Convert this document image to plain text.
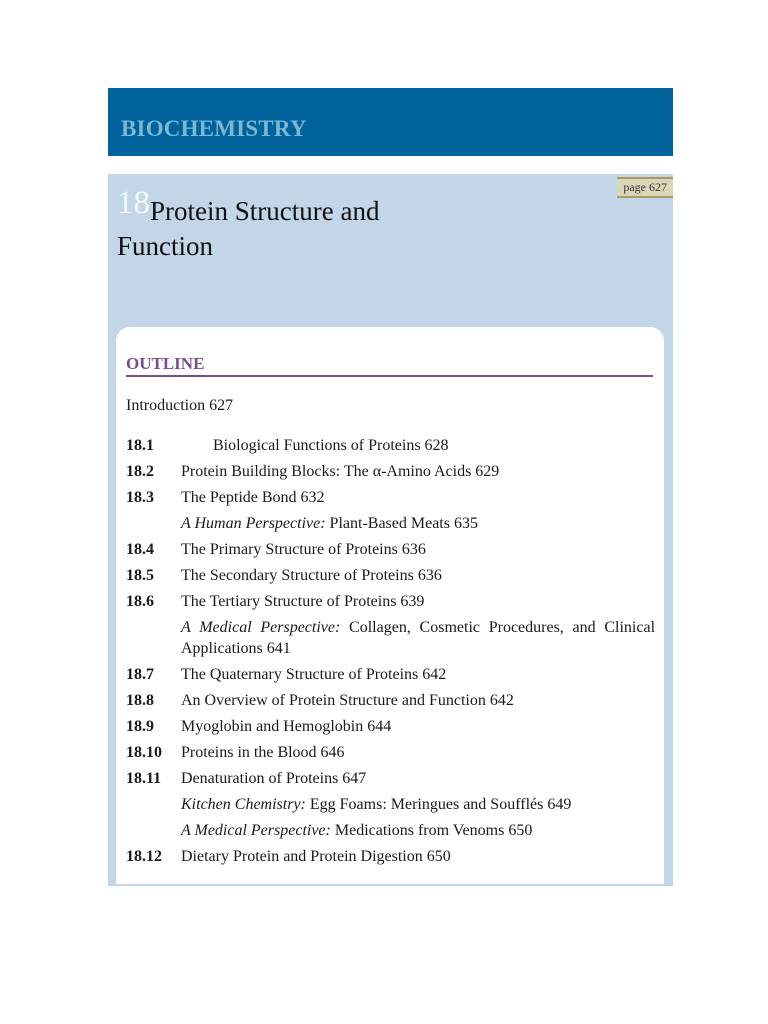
BIOCHEMISTRY
page 627
18Protein Structure and Function
OUTLINE
Introduction 627
18.1	Biological Functions of Proteins 628
18.2	Protein Building Blocks: The α-Amino Acids 629
18.3	The Peptide Bond 632
A Human Perspective: Plant-Based Meats 635
18.4	The Primary Structure of Proteins 636
18.5	The Secondary Structure of Proteins 636
18.6	The Tertiary Structure of Proteins 639
A Medical Perspective: Collagen, Cosmetic Procedures, and Clinical Applications 641
18.7	The Quaternary Structure of Proteins 642
18.8	An Overview of Protein Structure and Function 642
18.9	Myoglobin and Hemoglobin 644
18.10	Proteins in the Blood 646
18.11	Denaturation of Proteins 647
Kitchen Chemistry: Egg Foams: Meringues and Soufflés 649
A Medical Perspective: Medications from Venoms 650
18.12	Dietary Protein and Protein Digestion 650
